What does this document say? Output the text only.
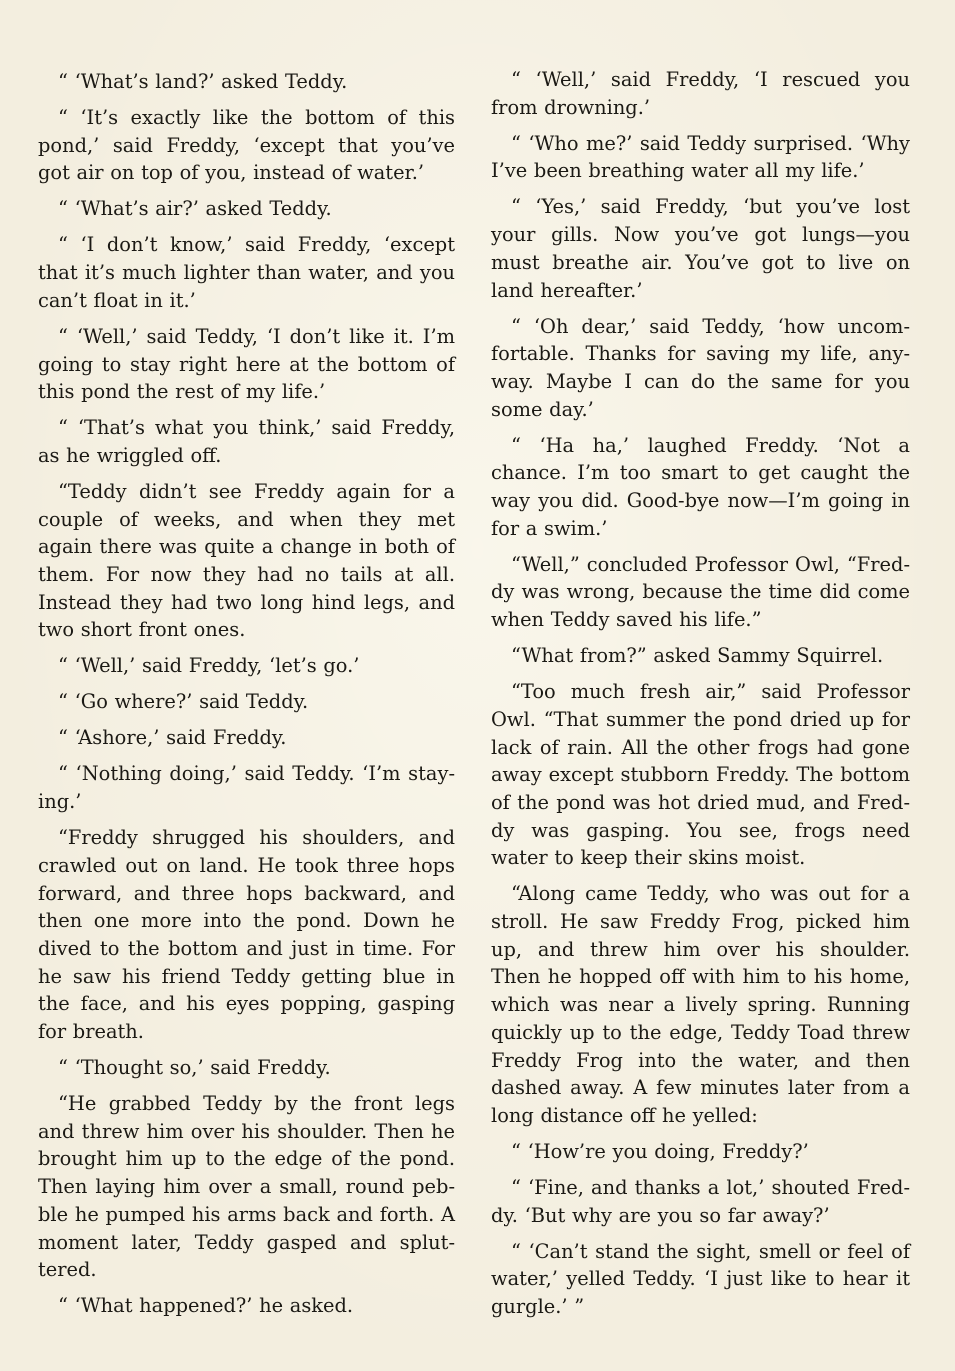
“ ‘What’s land?’ asked Teddy.

“ ‘It’s exactly like the bottom of this pond,’ said Freddy, ‘except that you’ve got air on top of you, instead of water.’

“ ‘What’s air?’ asked Teddy.

“ ‘I don’t know,’ said Freddy, ‘except that it’s much lighter than water, and you can’t float in it.’

“ ‘Well,’ said Teddy, ‘I don’t like it. I’m going to stay right here at the bottom of this pond the rest of my life.’

“ ‘That’s what you think,’ said Freddy, as he wriggled off.

“Teddy didn’t see Freddy again for a couple of weeks, and when they met again there was quite a change in both of them. For now they had no tails at all. Instead they had two long hind legs, and two short front ones.

“ ‘Well,’ said Freddy, ‘let’s go.’

“ ‘Go where?’ said Teddy.

“ ‘Ashore,’ said Freddy.

“ ‘Nothing doing,’ said Teddy. ‘I’m staying.’

“Freddy shrugged his shoulders, and crawled out on land. He took three hops forward, and three hops backward, and then one more into the pond. Down he dived to the bottom and just in time. For he saw his friend Teddy getting blue in the face, and his eyes popping, gasping for breath.

“ ‘Thought so,’ said Freddy.

“He grabbed Teddy by the front legs and threw him over his shoulder. Then he brought him up to the edge of the pond. Then laying him over a small, round pebble he pumped his arms back and forth. A moment later, Teddy gasped and spluttered.

“ ‘What happened?’ he asked.

“ ‘Well,’ said Freddy, ‘I rescued you from drowning.’

“ ‘Who me?’ said Teddy surprised. ‘Why I’ve been breathing water all my life.’

“ ‘Yes,’ said Freddy, ‘but you’ve lost your gills. Now you’ve got lungs—you must breathe air. You’ve got to live on land hereafter.’

“ ‘Oh dear,’ said Teddy, ‘how uncomfortable. Thanks for saving my life, anyway. Maybe I can do the same for you some day.’

“ ‘Ha ha,’ laughed Freddy. ‘Not a chance. I’m too smart to get caught the way you did. Good-bye now—I’m going in for a swim.’

“Well,” concluded Professor Owl, “Freddy was wrong, because the time did come when Teddy saved his life.”

“What from?” asked Sammy Squirrel.

“Too much fresh air,” said Professor Owl. “That summer the pond dried up for lack of rain. All the other frogs had gone away except stubborn Freddy. The bottom of the pond was hot dried mud, and Freddy was gasping. You see, frogs need water to keep their skins moist.

“Along came Teddy, who was out for a stroll. He saw Freddy Frog, picked him up, and threw him over his shoulder. Then he hopped off with him to his home, which was near a lively spring. Running quickly up to the edge, Teddy Toad threw Freddy Frog into the water, and then dashed away. A few minutes later from a long distance off he yelled:

“ ‘How’re you doing, Freddy?’

“ ‘Fine, and thanks a lot,’ shouted Freddy. ‘But why are you so far away?’

“ ‘Can’t stand the sight, smell or feel of water,’ yelled Teddy. ‘I just like to hear it gurgle.’ ”
